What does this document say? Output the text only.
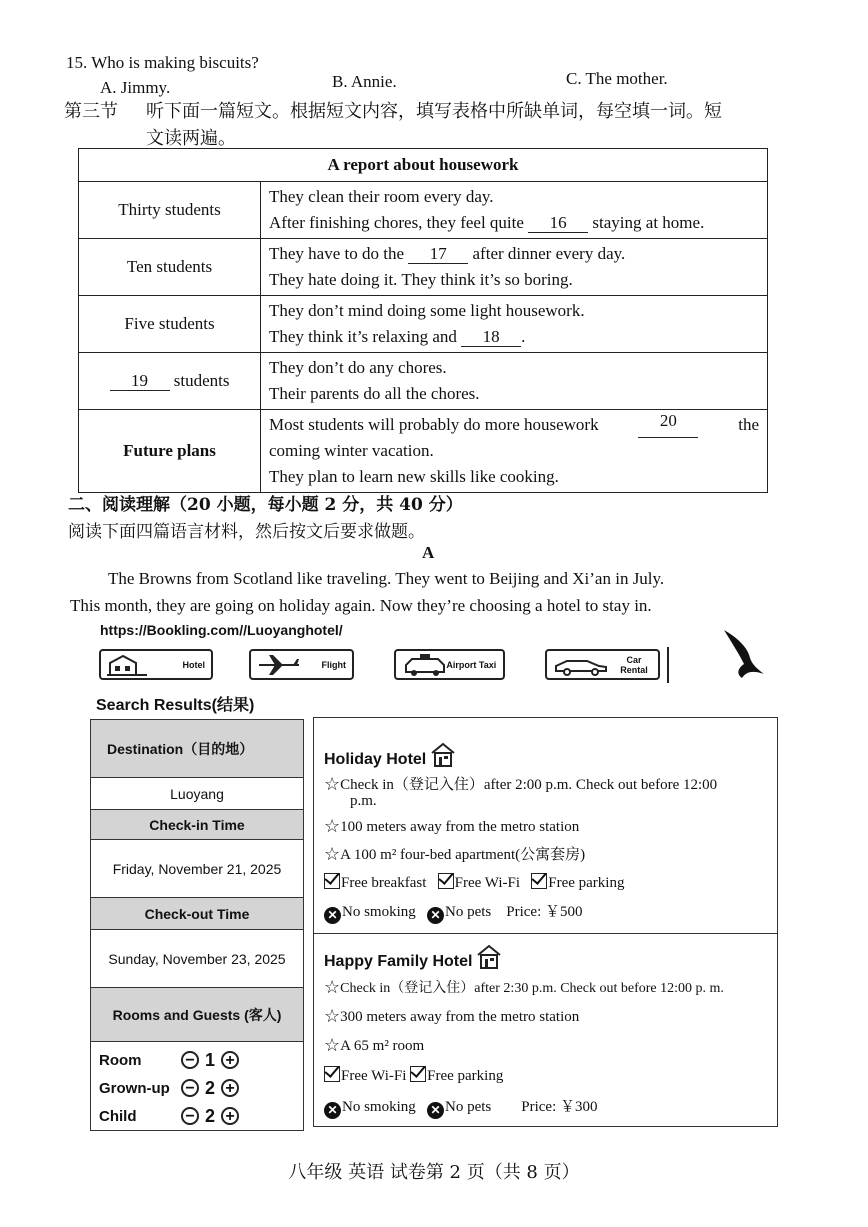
15. Who is making biscuits?
A. Jimmy.	B. Annie.	C. The mother.
第三节 听下面一篇短文。根据短文内容，填写表格中所缺单词，每空填一词。短
文读两遍。
A report about housework	
Thirty students	They clean their room every day.
After finishing chores, they feel quite 16 staying at home.

Ten students	They have to do the 17 after dinner every day.
They hate doing it. They think it’s so boring.

Five students	They don’t mind doing some light housework.
They think it’s relaxing and 18 .

19 students	They don’t do any chores.
Their parents do all the chores.

Future plans	Most students will probably do more housework 20 the
coming winter vacation.
They plan to learn new skills like cooking.
二、阅读理解（20 小题，每小题 2 分，共 40 分）
阅读下面四篇语言材料，然后按文后要求做题。
A
The Browns from Scotland like traveling. They went to Beijing and Xi’an in July.
This month, they are going on holiday again. Now they’re choosing a hotel to stay in.
https://Bookling.com//Luoyanghotel/
Hotel	Flight	Airport Taxi	Car Rental
Search Results(结果)
Destination（目的地）
Luoyang
Check-in Time
Friday, November 21, 2025
Check-out Time
Sunday, November 23, 2025
Rooms and Guests (客人)
Room	− 1 +
Grown-up − 2 +
Child	− 2 +
Holiday Hotel
☆Check in（登记入住）after 2:00 p.m. Check out before 12:00
p.m.
☆100 meters away from the metro station
☆A 100 m² four-bed apartment(公寓套房)
Free breakfast Free Wi-Fi Free parking
✕ No smoking ✕ No pets Price: ￥500
Happy Family Hotel
☆Check in（登记入住）after 2:30 p.m. Check out before 12:00 p. m.
☆300 meters away from the metro station
☆A 65 m² room
Free Wi-Fi Free parking
✕ No smoking ✕ No pets Price: ￥300
八年级 英语 试卷第 2 页（共 8 页）
